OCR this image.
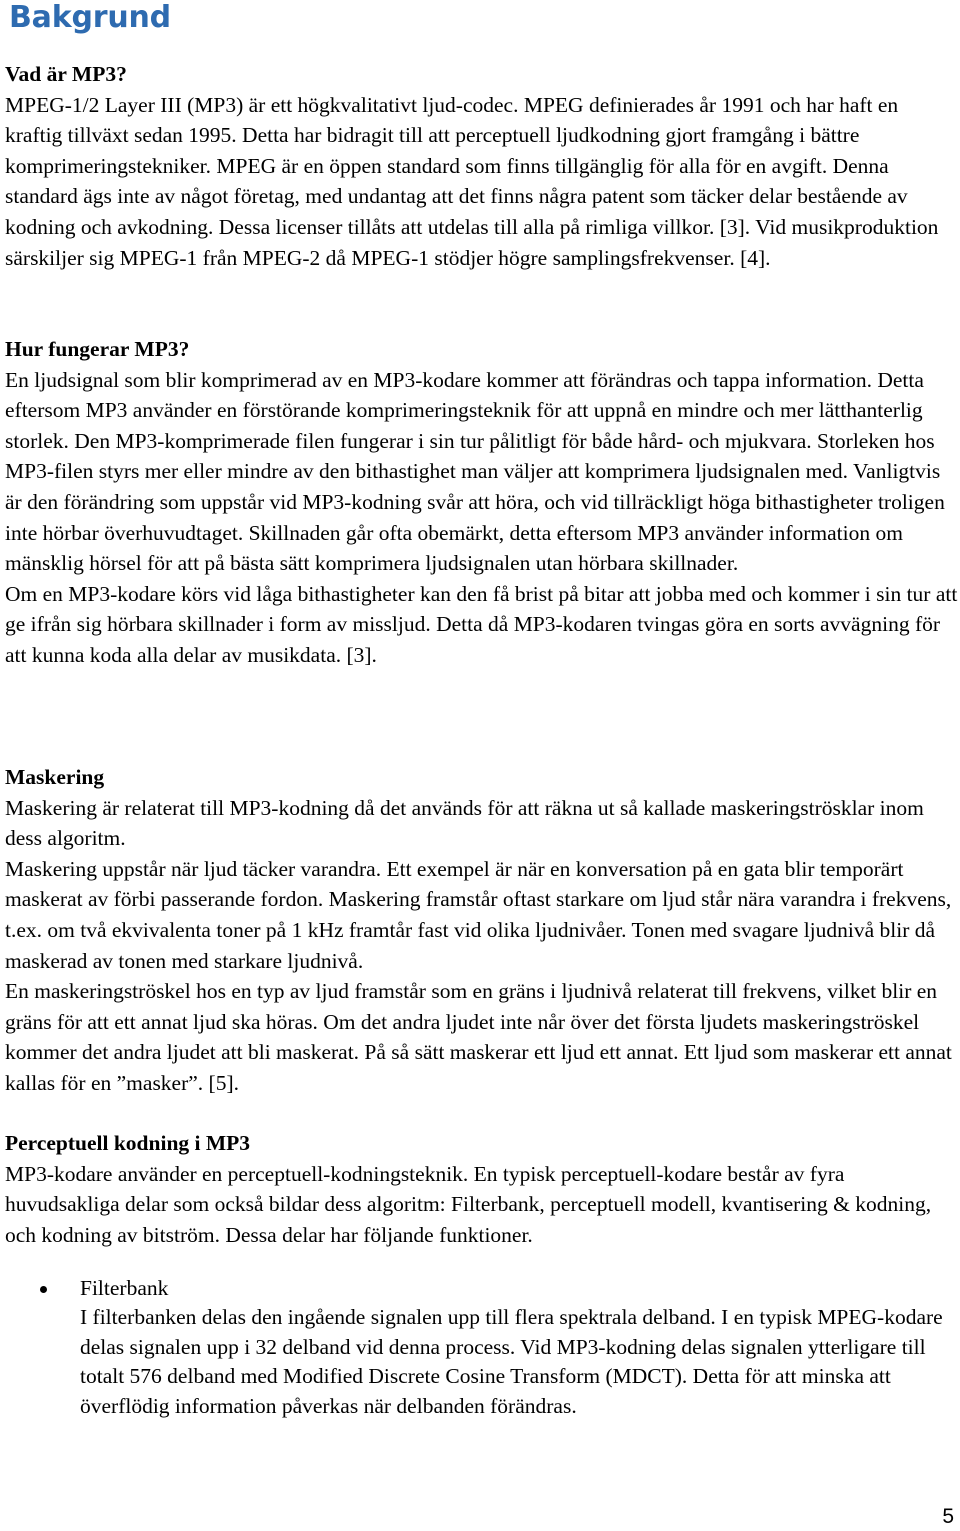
Bakgrund

Vad är MP3?

MPEG-1/2 Layer III (MP3) är ett högkvalitativt ljud-codec. MPEG definierades år 1991 och har haft en kraftig tillväxt sedan 1995. Detta har bidragit till att perceptuell ljudkodning gjort framgång i bättre komprimeringstekniker. MPEG är en öppen standard som finns tillgänglig för alla för en avgift. Denna standard ägs inte av något företag, med undantag att det finns några patent som täcker delar bestående av kodning och avkodning. Dessa licenser tillåts att utdelas till alla på rimliga villkor. [3]. Vid musikproduktion särskiljer sig MPEG-1 från MPEG-2 då MPEG-1 stödjer högre samplingsfrekvenser. [4].

Hur fungerar MP3?

En ljudsignal som blir komprimerad av en MP3-kodare kommer att förändras och tappa information. Detta eftersom MP3 använder en förstörande komprimeringsteknik för att uppnå en mindre och mer lätthanterlig storlek. Den MP3-komprimerade filen fungerar i sin tur pålitligt för både hård- och mjukvara. Storleken hos MP3-filen styrs mer eller mindre av den bithastighet man väljer att komprimera ljudsignalen med. Vanligtvis är den förändring som uppstår vid MP3-kodning svår att höra, och vid tillräckligt höga bithastigheter troligen inte hörbar överhuvudtaget. Skillnaden går ofta obemärkt, detta eftersom MP3 använder information om mänsklig hörsel för att på bästa sätt komprimera ljudsignalen utan hörbara skillnader.

Om en MP3-kodare körs vid låga bithastigheter kan den få brist på bitar att jobba med och kommer i sin tur att ge ifrån sig hörbara skillnader i form av missljud. Detta då MP3-kodaren tvingas göra en sorts avvägning för att kunna koda alla delar av musikdata. [3].

Maskering

Maskering är relaterat till MP3-kodning då det används för att räkna ut så kallade maskeringströsklar inom dess algoritm.

Maskering uppstår när ljud täcker varandra. Ett exempel är när en konversation på en gata blir temporärt maskerat av förbi passerande fordon. Maskering framstår oftast starkare om ljud står nära varandra i frekvens, t.ex. om två ekvivalenta toner på 1 kHz framtår fast vid olika ljudnivåer. Tonen med svagare ljudnivå blir då maskerad av tonen med starkare ljudnivå.

En maskeringströskel hos en typ av ljud framstår som en gräns i ljudnivå relaterat till frekvens, vilket blir en gräns för att ett annat ljud ska höras. Om det andra ljudet inte når över det första ljudets maskeringströskel kommer det andra ljudet att bli maskerat. På så sätt maskerar ett ljud ett annat. Ett ljud som maskerar ett annat kallas för en ”masker”. [5].

Perceptuell kodning i MP3

MP3-kodare använder en perceptuell-kodningsteknik. En typisk perceptuell-kodare består av fyra huvudsakliga delar som också bildar dess algoritm: Filterbank, perceptuell modell, kvantisering & kodning, och kodning av bitström. Dessa delar har följande funktioner.

Filterbank

I filterbanken delas den ingående signalen upp till flera spektrala delband. I en typisk MPEG-kodare delas signalen upp i 32 delband vid denna process. Vid MP3-kodning delas signalen ytterligare till totalt 576 delband med Modified Discrete Cosine Transform (MDCT). Detta för att minska att överflödig information påverkas när delbanden förändras.

5
